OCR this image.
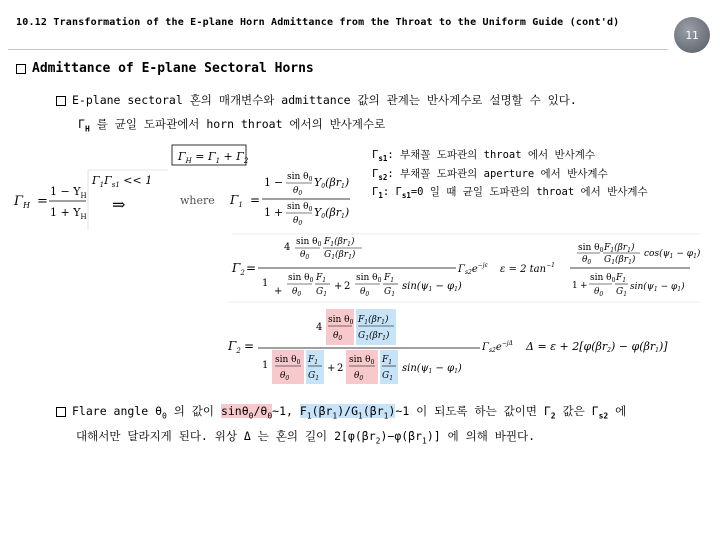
10.12 Transformation of the E-plane Horn Admittance from the Throat to the Uniform Guide (cont'd)
11
Admittance of E-plane Sectoral Horns
E-plane sectoral 혼의 매개변수와 admittance 값의 관계는 반사계수로 설명할 수 있다.
$\Gamma_H$ 를 균일 도파관에서 horn throat 에서의 반사계수로
$\Gamma_{s1}$: 부채꼴 도파관의 throat 에서 반사계수
$\Gamma_{s2}$: 부채꼴 도파관의 aperture 에서 반사계수
$\Gamma_1$: $\Gamma_{s1}=0$ 일 때 균일 도파관의 throat 에서 반사계수
$\Gamma_H$ =
$1 - Y_H$
$1 + Y_H$
$\Gamma_H = \Gamma_1 + \Gamma_2$
$\Gamma_1\Gamma_{s1} << 1$
⇒	where $\Gamma_1$ =
$1 - \sin \theta_0$
$\theta_0$
Y0(βr1)
$1 + \sin \theta_0$
$\theta_0$
Y0(βr1)
$\Gamma_2$ =
4 $\sin \theta_0$
$\theta_0$
$F_1(\beta r_1)$
$G_1(\beta r_1)$
1
+
$\sin \theta_0$
$\theta_0$
$F_1$
$G_1$
+ 2
$\sin \theta_0$
$\theta_0$
$F_1$
$G_1$
$\sin(\psi_1 - \varphi_1)$
$\Gamma_{s2}e^{-j\varepsilon}$ ε = 2 $\tan^{-1}$
$\sin \theta_0$
$\theta_0$
$F_1(\beta r_1)$
$G_1(\beta r_1)$
$\cos(\psi_1 - \varphi_1)$
1 +
$\sin \theta_0$
$\theta_0$
$F_1$
$G_1$
$\sin(\psi_1 - \varphi_1)$
$\Gamma_2$ =
4
$\sin \theta_0$
$\theta_0$
$F_1(\beta r_1)$
$G_1(\beta r_1)$
1 $\sin \theta_0$
$\theta_0$
$F_1$
$G_1$
+ 2
$\sin \theta_0$
$\theta_0$
$F_1$
$G_1$
$\sin(\psi_1 - \varphi_1)$
$\Gamma_{s2}e^{-j\Delta}$ Δ = ε + 2[φ(βr2) − φ(βr1)]
Flare angle $\theta_0$ 의 값이 $\sin\theta_0/\theta_0\sim 1$, $F_1(\beta r_1)/G_1(\beta r_1)\sim 1$ 이 되도록 하는 값이면 $\Gamma_2$ 값은 $\Gamma_{s2}$ 에
대해서만 달라지게 된다. 위상 Δ 는 혼의 길이 $2[\varphi(\beta r_2)-\varphi(\beta r_1)]$ 에 의해 바뀐다.
